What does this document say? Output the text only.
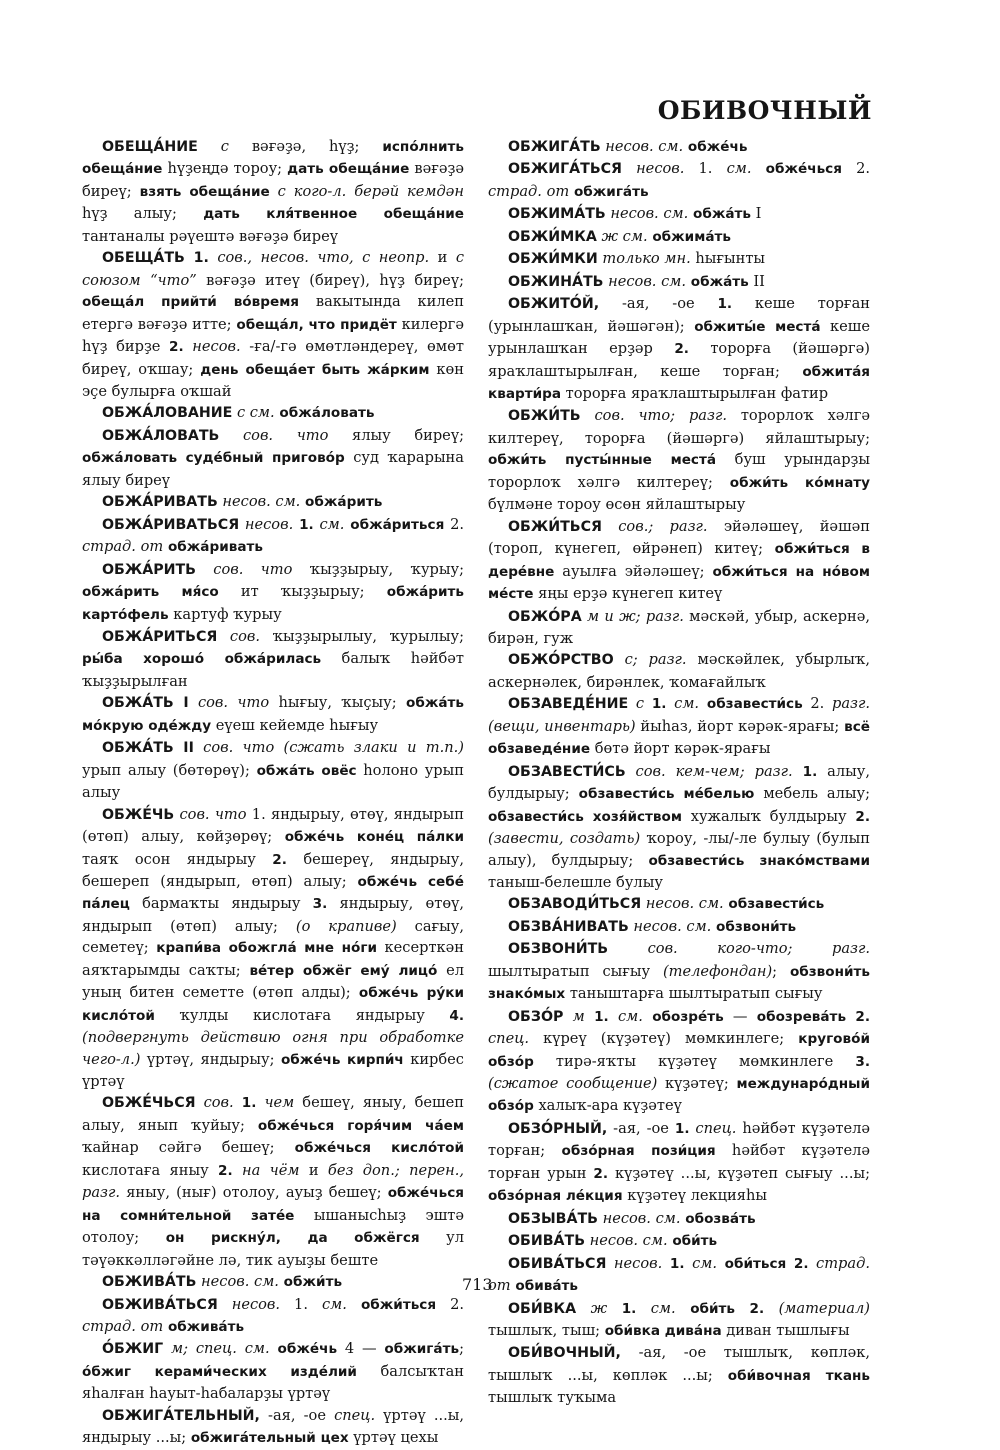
ОБИВОЧНЫЙ
ОБЕЩА́НИЕ с вәғәҙә, һүҙ; испо́лнить обеща́ние һүҙеңдә тороу; дать обеща́ние вәғәҙә биреү; взять обеща́ние с кого-л. берәй кемдән һүҙ алыу; дать кля́твенное обеща́ние тантаналы рәүештә вәғәҙә биреү
ОБЕЩА́ТЬ 1. сов., несов. что, с неопр. и с союзом “что” вәғәҙә итеү (биреү), һүҙ биреү; обеща́л прийти́ во́время вакытында килеп етергә вәғәҙә итте; обеща́л, что придёт килергә һүҙ бирҙе 2. несов. -ға/-гә өмөтләндереү, өмөт биреү, оҡшау; день обеща́ет быть жа́рким көн эҫе булырға оҡшай
ОБЖА́ЛОВАНИЕ с см. обжа́ловать
ОБЖА́ЛОВАТЬ сов. что ялыу биреү; обжа́ловать суде́бный пригово́р суд ҡарарына ялыу биреү
ОБЖА́РИВАТЬ несов. см. обжа́рить
ОБЖА́РИВАТЬСЯ несов. 1. см. обжа́риться 2. страд. от обжа́ривать
ОБЖА́РИТЬ сов. что ҡыҙҙырыу, ҡурыу; обжа́рить мя́со ит ҡыҙҙырыу; обжа́рить карто́фель картуф ҡурыу
ОБЖА́РИТЬСЯ сов. ҡыҙҙырылыу, ҡурылыу; ры́ба хорошо́ обжа́рилась балыҡ һәйбәт ҡыҙҙырылған
ОБЖА́ТЬ I сов. что һығыу, ҡыҫыу; обжа́ть мо́крую оде́жду еүеш кейемде һығыу
ОБЖА́ТЬ II сов. что (сжать злаки и т.п.) урып алыу (бөтөрөү); обжа́ть овёс һолоно урып алыу
ОБЖЕ́ЧЬ сов. что 1. яндырыу, өтөү, яндырып (өтөп) алыу, көйҙөрөү; обже́чь коне́ц па́лки таяҡ осон яндырыу 2. бешереү, яндырыу, бешереп (яндырып, өтөп) алыу; обже́чь себе́ па́лец бармаҡты яндырыу 3. яндырыу, өтөү, яндырып (өтөп) алыу; (о крапиве) сағыу, семетеү; крапи́ва обожгла́ мне но́ги кесерткән аяҡтарымды саҡты; ве́тер обжёг ему́ лицо́ ел уның битен семетте (өтөп алды); обже́чь ру́ки кисло́той ҡулды кислотаға яндырыу 4. (подвергнуть действию огня при обработке чего-л.) үртәү, яндырыу; обже́чь кирпи́ч кирбес үртәү
ОБЖЕ́ЧЬСЯ сов. 1. чем бешеү, яныу, бешеп алыу, янып ҡуйыу; обже́чься горя́чим ча́ем ҡайнар сәйгә бешеү; обже́чься кисло́той кислотаға яныу 2. на чём и без доп.; перен., разг. яныу, (нығ) отолоу, ауыҙ бешеү; обже́чься на сомни́тельной зате́е ышанысһыҙ эштә отолоу; он рискну́л, да обжёгся ул тәүәккәлләгәйне лә, тик ауыҙы беште
ОБЖИВА́ТЬ несов. см. обжи́ть
ОБЖИВА́ТЬСЯ несов. 1. см. обжи́ться 2. страд. от обжива́ть
О́БЖИГ м; спец. см. обже́чь 4 — обжига́ть; о́бжиг керами́ческих изде́лий балсыҡтан яһалған һауыт-һабаларҙы үртәү
ОБЖИГА́ТЕЛЬНЫЙ, -ая, -ое спец. үртәү ...ы, яндырыу ...ы; обжига́тельный цех үртәү цехы
ОБЖИГА́ТЬ несов. см. обже́чь
ОБЖИГА́ТЬСЯ несов. 1. см. обже́чься 2. страд. от обжига́ть
ОБЖИМА́ТЬ несов. см. обжа́ть I
ОБЖИ́МКА ж см. обжима́ть
ОБЖИ́МКИ только мн. һығынты
ОБЖИНА́ТЬ несов. см. обжа́ть II
ОБЖИТО́Й, -ая, -ое 1. кеше торған (урынлашҡан, йәшәгән); обжиты́е места́ кеше урынлашҡан ерҙәр 2. торорға (йәшәргә) яраҡлаштырылған, кеше торған; обжита́я кварти́ра торорға яраҡлаштырылған фатир
ОБЖИ́ТЬ сов. что; разг. торорлоҡ хәлгә килтереү, торорға (йәшәргә) яйлаштырыу; обжи́ть пусты́нные места́ буш урындарҙы торорлоҡ хәлгә килтереү; обжи́ть ко́мнату бүлмәне тороу өсөн яйлаштырыу
ОБЖИ́ТЬСЯ сов.; разг. эйәләшеү, йәшәп (тороп, күнегеп, өйрәнеп) китеү; обжи́ться в дере́вне ауылға эйәләшеү; обжи́ться на но́вом ме́сте яңы ерҙә күнегеп китеү
ОБЖО́РА м и ж; разг. мәскәй, убыр, аскернә, бирән, гуж
ОБЖО́РСТВО с; разг. мәскәйлек, убырлыҡ, аскернәлек, бирәнлек, ҡомағайлыҡ
ОБЗАВЕДЕ́НИЕ с 1. см. обзавести́сь 2. разг. (вещи, инвентарь) йыһаз, йорт кәрәк-ярағы; всё обзаведе́ние бөтә йорт кәрәк-ярағы
ОБЗАВЕСТИ́СЬ сов. кем-чем; разг. 1. алыу, булдырыу; обзавести́сь ме́белью мебель алыу; обзавести́сь хозя́йством хужалыҡ булдырыу 2. (завести, создать) ҡороу, -лы/-ле булыу (булып алыу), булдырыу; обзавести́сь знако́мствами таныш-белешле булыу
ОБЗАВОДИ́ТЬСЯ несов. см. обзавести́сь
ОБЗВА́НИВАТЬ несов. см. обзвони́ть
ОБЗВОНИ́ТЬ сов. кого-что; разг. шылтыратып сығыу (телефондан); обзвони́ть знако́мых таныштарға шылтыратып сығыу
ОБЗО́Р м 1. см. обозре́ть — обозрева́ть 2. спец. күреү (күҙәтеү) мөмкинлеге; кругово́й обзо́р тирә-яҡты күҙәтеү мөмкинлеге 3. (сжатое сообщение) күҙәтеү; междунаро́дный обзо́р халыҡ-ара күҙәтеү
ОБЗО́РНЫЙ, -ая, -ое 1. спец. һәйбәт күҙәтелә торған; обзо́рная пози́ция һәйбәт күҙәтелә торған урын 2. күҙәтеү ...ы, күҙәтеп сығыу ...ы; обзо́рная ле́кция күҙәтеү лекцияһы
ОБЗЫВА́ТЬ несов. см. обозва́ть
ОБИВА́ТЬ несов. см. оби́ть
ОБИВА́ТЬСЯ несов. 1. см. оби́ться 2. страд. от обива́ть
ОБИ́ВКА ж 1. см. оби́ть 2. (материал) тышлыҡ, тыш; оби́вка дива́на диван тышлығы
ОБИ́ВОЧНЫЙ, -ая, -ое тышлыҡ, көпләк, тышлыҡ ...ы, көпләк ...ы; оби́вочная ткань тышлыҡ туҡыма
713
